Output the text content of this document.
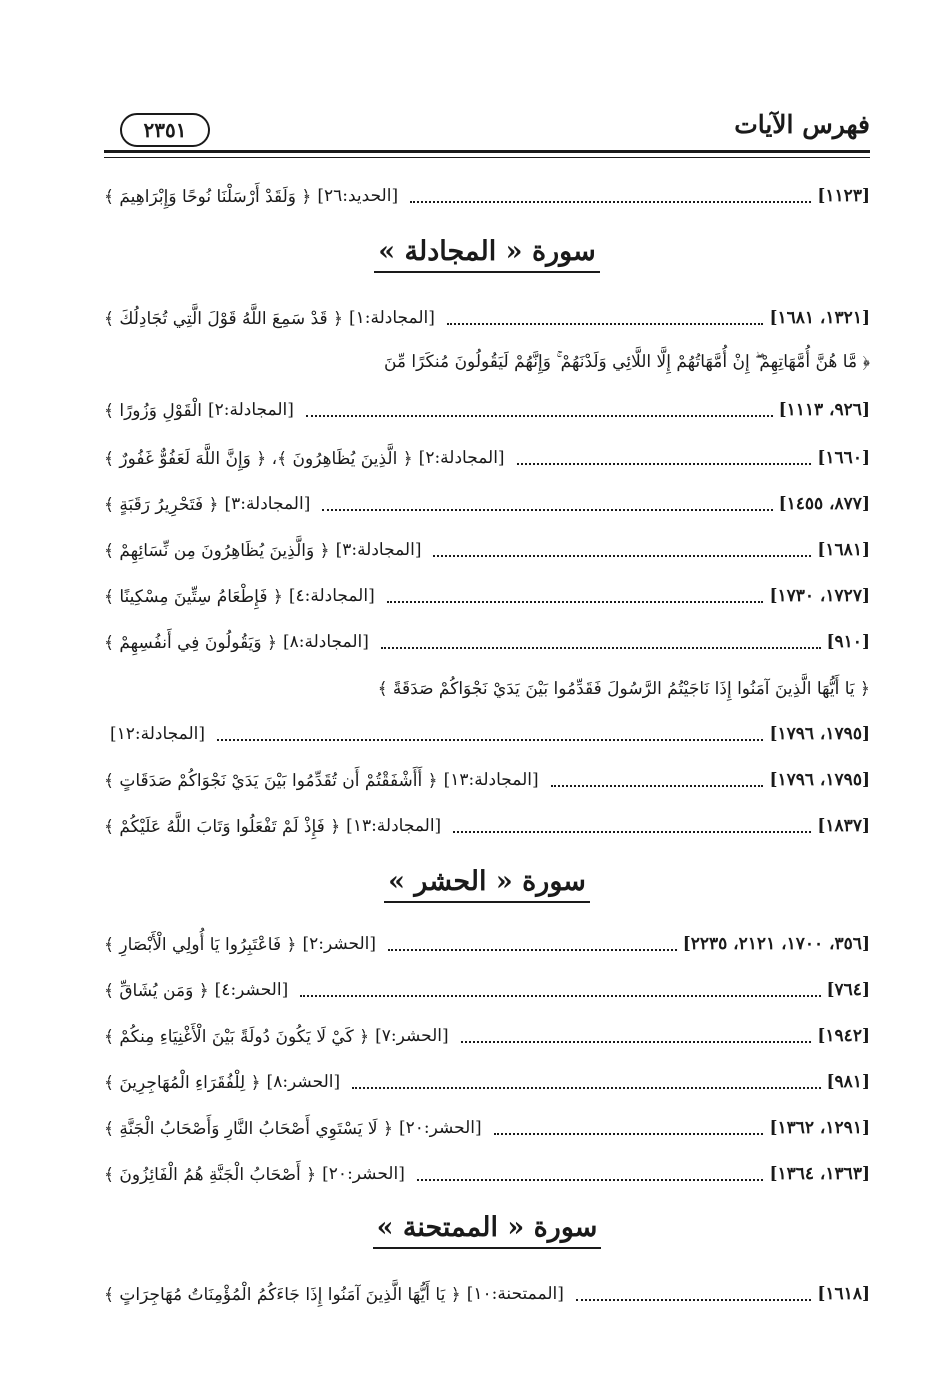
فهرس الآيات
٢٣٥١
﴿ وَلَقَدْ أَرْسَلْنَا نُوحًا وَإِبْرَاهِيمَ ﴾ [الحديد:٢٦]	[١١٢٣]
سورة « المجادلة »
﴿ قَدْ سَمِعَ اللَّهُ قَوْلَ الَّتِي تُجَادِلُكَ ﴾ [المجادلة:١]	[١٣٢١، ١٦٨١]
﴿ مَّا هُنَّ أُمَّهَاتِهِمْ ۖ إِنْ أُمَّهَاتُهُمْ إِلَّا اللَّائِي وَلَدْنَهُمْ ۚ وَإِنَّهُمْ لَيَقُولُونَ مُنكَرًا مِّنَ
الْقَوْلِ وَزُورًا ﴾ [المجادلة:٢]	[٩٢٦، ١١١٣]
﴿ الَّذِينَ يُظَاهِرُونَ ﴾، ﴿ وَإِنَّ اللَّهَ لَعَفُوٌّ غَفُورٌ ﴾ [المجادلة:٢]	[١٦٦٠]
﴿ فَتَحْرِيرُ رَقَبَةٍ ﴾ [المجادلة:٣]	[٨٧٧، ١٤٥٥]
﴿ وَالَّذِينَ يُظَاهِرُونَ مِن نِّسَائِهِمْ ﴾ [المجادلة:٣]	[١٦٨١]
﴿ فَإِطْعَامُ سِتِّينَ مِسْكِينًا ﴾ [المجادلة:٤]	[١٧٢٧، ١٧٣٠]
﴿ وَيَقُولُونَ فِي أَنفُسِهِمْ ﴾ [المجادلة:٨]	[٩١٠]
﴿ يَا أَيُّهَا الَّذِينَ آمَنُوا إِذَا نَاجَيْتُمُ الرَّسُولَ فَقَدِّمُوا بَيْنَ يَدَيْ نَجْوَاكُمْ صَدَقَةً ﴾
[المجادلة:١٢]	[١٧٩٥، ١٧٩٦]
﴿ أَأَشْفَقْتُمْ أَن تُقَدِّمُوا بَيْنَ يَدَيْ نَجْوَاكُمْ صَدَقَاتٍ ﴾ [المجادلة:١٣]	[١٧٩٥، ١٧٩٦]
﴿ فَإِذْ لَمْ تَفْعَلُوا وَتَابَ اللَّهُ عَلَيْكُمْ ﴾ [المجادلة:١٣]	[١٨٣٧]
سورة « الحشر »
﴿ فَاعْتَبِرُوا يَا أُولِي الْأَبْصَارِ ﴾ [الحشر:٢]	[٣٥٦، ١٧٠٠، ٢١٢١، ٢٢٣٥]
﴿ وَمَن يُشَاقِّ ﴾ [الحشر:٤]	[٧٦٤]
﴿ كَيْ لَا يَكُونَ دُولَةً بَيْنَ الْأَغْنِيَاءِ مِنكُمْ ﴾ [الحشر:٧]	[١٩٤٢]
﴿ لِلْفُقَرَاءِ الْمُهَاجِرِينَ ﴾ [الحشر:٨]	[٩٨١]
﴿ لَا يَسْتَوِي أَصْحَابُ النَّارِ وَأَصْحَابُ الْجَنَّةِ ﴾ [الحشر:٢٠]	[١٢٩١، ١٣٦٢]
﴿ أَصْحَابُ الْجَنَّةِ هُمُ الْفَائِزُونَ ﴾ [الحشر:٢٠]	[١٣٦٣، ١٣٦٤]
سورة « الممتحنة »
﴿ يَا أَيُّهَا الَّذِينَ آمَنُوا إِذَا جَاءَكُمُ الْمُؤْمِنَاتُ مُهَاجِرَاتٍ ﴾ [الممتحنة:١٠]	[١٦١٨]
